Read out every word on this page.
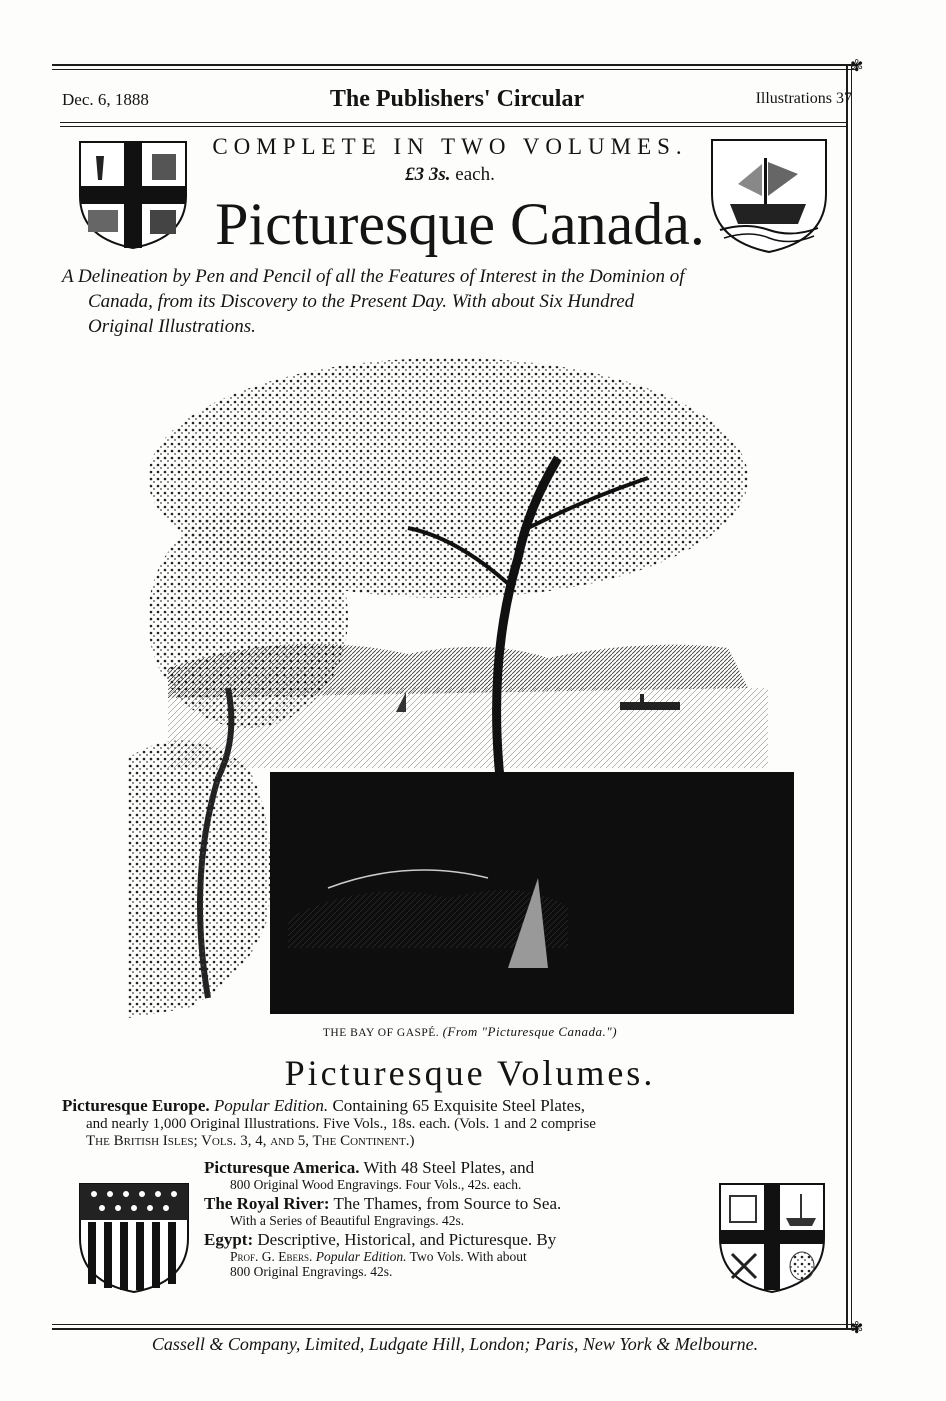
✾
✾
Dec. 6, 1888	The Publishers' Circular	Illustrations 37
COMPLETE IN TWO VOLUMES.
£3 3s. each.
Picturesque Canada.
A Delineation by Pen and Pencil of all the Features of Interest in the Dominion of
Canada, from its Discovery to the Present Day. With about Six Hundred
Original Illustrations.
THE BAY OF GASPÉ. (From "Picturesque Canada.")
Picturesque Volumes.
Picturesque Europe. Popular Edition. Containing 65 Exquisite Steel Plates,
and nearly 1,000 Original Illustrations. Five Vols., 18s. each. (Vols. 1 and 2 comprise
The British Isles; Vols. 3, 4, and 5, The Continent.)
Picturesque America. With 48 Steel Plates, and
800 Original Wood Engravings. Four Vols., 42s. each.
The Royal River: The Thames, from Source to Sea.
With a Series of Beautiful Engravings. 42s.
Egypt: Descriptive, Historical, and Picturesque. By
Prof. G. Ebers. Popular Edition. Two Vols. With about
800 Original Engravings. 42s.
Cassell & Company, Limited, Ludgate Hill, London; Paris, New York & Melbourne.
